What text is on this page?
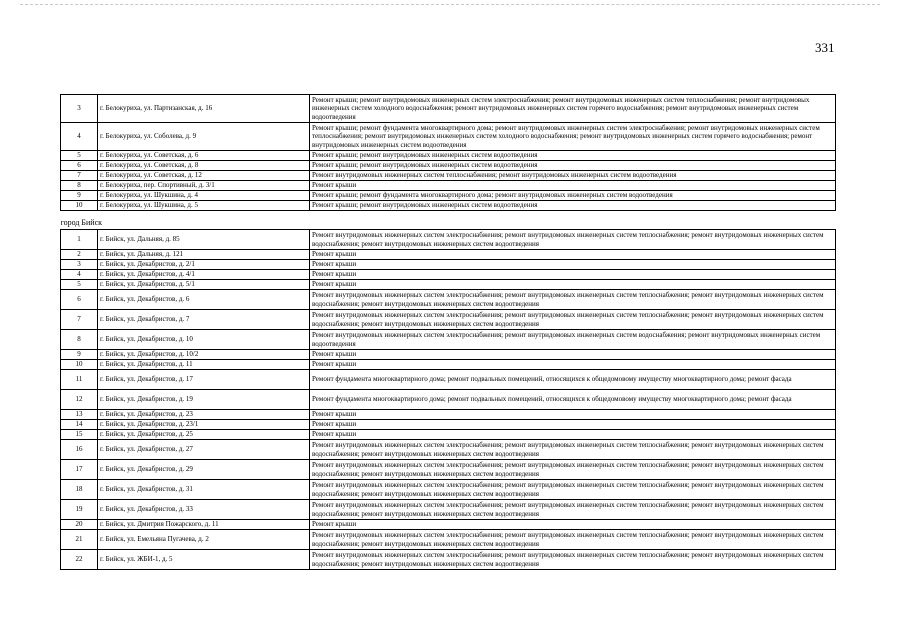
331
3	г. Белокуриха, ул. Партизанская, д. 16	Ремонт крыши; ремонт внутридомовых инженерных систем электроснабжения; ремонт внутридомовых инженерных систем теплоснабжения; ремонт внутридомовых инженерных систем холодного водоснабжения; ремонт внутридомовых инженерных систем горячего водоснабжения; ремонт внутридомовых инженерных систем водоотведения
4	г. Белокуриха, ул. Соболева, д. 9	Ремонт крыши; ремонт фундамента многоквартирного дома; ремонт внутридомовых инженерных систем электроснабжения; ремонт внутридомовых инженерных систем теплоснабжения; ремонт внутридомовых инженерных систем холодного водоснабжения; ремонт внутридомовых инженерных систем горячего водоснабжения; ремонт внутридомовых инженерных систем водоотведения
5	г. Белокуриха, ул. Советская, д. 6	Ремонт крыши; ремонт внутридомовых инженерных систем водоотведения
6	г. Белокуриха, ул. Советская, д. 8	Ремонт крыши; ремонт внутридомовых инженерных систем водоотведения
7	г. Белокуриха, ул. Советская, д. 12	Ремонт внутридомовых инженерных систем теплоснабжения; ремонт внутридомовых инженерных систем водоотведения
8	г. Белокуриха, пер. Спортивный, д. 3/1	Ремонт крыши
9	г. Белокуриха, ул. Шукшина, д. 4	Ремонт крыши; ремонт фундамента многоквартирного дома; ремонт внутридомовых инженерных систем водоотведения
10	г. Белокуриха, ул. Шукшина, д. 5	Ремонт крыши; ремонт внутридомовых инженерных систем водоотведения
город Бийск		
1	г. Бийск, ул. Дальняя, д. 85	Ремонт внутридомовых инженерных систем электроснабжения; ремонт внутридомовых инженерных систем теплоснабжения; ремонт внутридомовых инженерных систем водоснабжения; ремонт внутридомовых инженерных систем водоотведения
2	г. Бийск, ул. Дальняя, д. 121	Ремонт крыши
3	г. Бийск, ул. Декабристов, д. 2/1	Ремонт крыши
4	г. Бийск, ул. Декабристов, д. 4/1	Ремонт крыши
5	г. Бийск, ул. Декабристов, д. 5/1	Ремонт крыши
6	г. Бийск, ул. Декабристов, д. 6	Ремонт внутридомовых инженерных систем электроснабжения; ремонт внутридомовых инженерных систем теплоснабжения; ремонт внутридомовых инженерных систем водоснабжения; ремонт внутридомовых инженерных систем водоотведения
7	г. Бийск, ул. Декабристов, д. 7	Ремонт внутридомовых инженерных систем электроснабжения; ремонт внутридомовых инженерных систем теплоснабжения; ремонт внутридомовых инженерных систем водоснабжения; ремонт внутридомовых инженерных систем водоотведения
8	г. Бийск, ул. Декабристов, д. 10	Ремонт внутридомовых инженерных систем электроснабжения; ремонт внутридомовых инженерных систем водоснабжения; ремонт внутридомовых инженерных систем водоотведения
9	г. Бийск, ул. Декабристов, д. 10/2	Ремонт крыши
10	г. Бийск, ул. Декабристов, д. 11	Ремонт крыши
11	г. Бийск, ул. Декабристов, д. 17	Ремонт фундамента многоквартирного дома; ремонт подвальных помещений, относящихся к общедомовому имуществу многоквартирного дома; ремонт фасада
12	г. Бийск, ул. Декабристов, д. 19	Ремонт фундамента многоквартирного дома; ремонт подвальных помещений, относящихся к общедомовому имуществу многоквартирного дома; ремонт фасада
13	г. Бийск, ул. Декабристов, д. 23	Ремонт крыши
14	г. Бийск, ул. Декабристов, д. 23/1	Ремонт крыши
15	г. Бийск, ул. Декабристов, д. 25	Ремонт крыши
16	г. Бийск, ул. Декабристов, д. 27	Ремонт внутридомовых инженерных систем электроснабжения; ремонт внутридомовых инженерных систем теплоснабжения; ремонт внутридомовых инженерных систем водоснабжения; ремонт внутридомовых инженерных систем водоотведения
17	г. Бийск, ул. Декабристов, д. 29	Ремонт внутридомовых инженерных систем электроснабжения; ремонт внутридомовых инженерных систем теплоснабжения; ремонт внутридомовых инженерных систем водоснабжения; ремонт внутридомовых инженерных систем водоотведения
18	г. Бийск, ул. Декабристов, д. 31	Ремонт внутридомовых инженерных систем электроснабжения; ремонт внутридомовых инженерных систем теплоснабжения; ремонт внутридомовых инженерных систем водоснабжения; ремонт внутридомовых инженерных систем водоотведения
19	г. Бийск, ул. Декабристов, д. 33	Ремонт внутридомовых инженерных систем электроснабжения; ремонт внутридомовых инженерных систем теплоснабжения; ремонт внутридомовых инженерных систем водоснабжения; ремонт внутридомовых инженерных систем водоотведения
20	г. Бийск, ул. Дмитрия Пожарского, д. 11	Ремонт крыши
21	г. Бийск, ул. Емельяна Пугачева, д. 2	Ремонт внутридомовых инженерных систем электроснабжения; ремонт внутридомовых инженерных систем теплоснабжения; ремонт внутридомовых инженерных систем водоснабжения; ремонт внутридомовых инженерных систем водоотведения
22	г. Бийск, ул. ЖБИ-1, д. 5	Ремонт внутридомовых инженерных систем электроснабжения; ремонт внутридомовых инженерных систем теплоснабжения; ремонт внутридомовых инженерных систем водоснабжения; ремонт внутридомовых инженерных систем водоотведения
